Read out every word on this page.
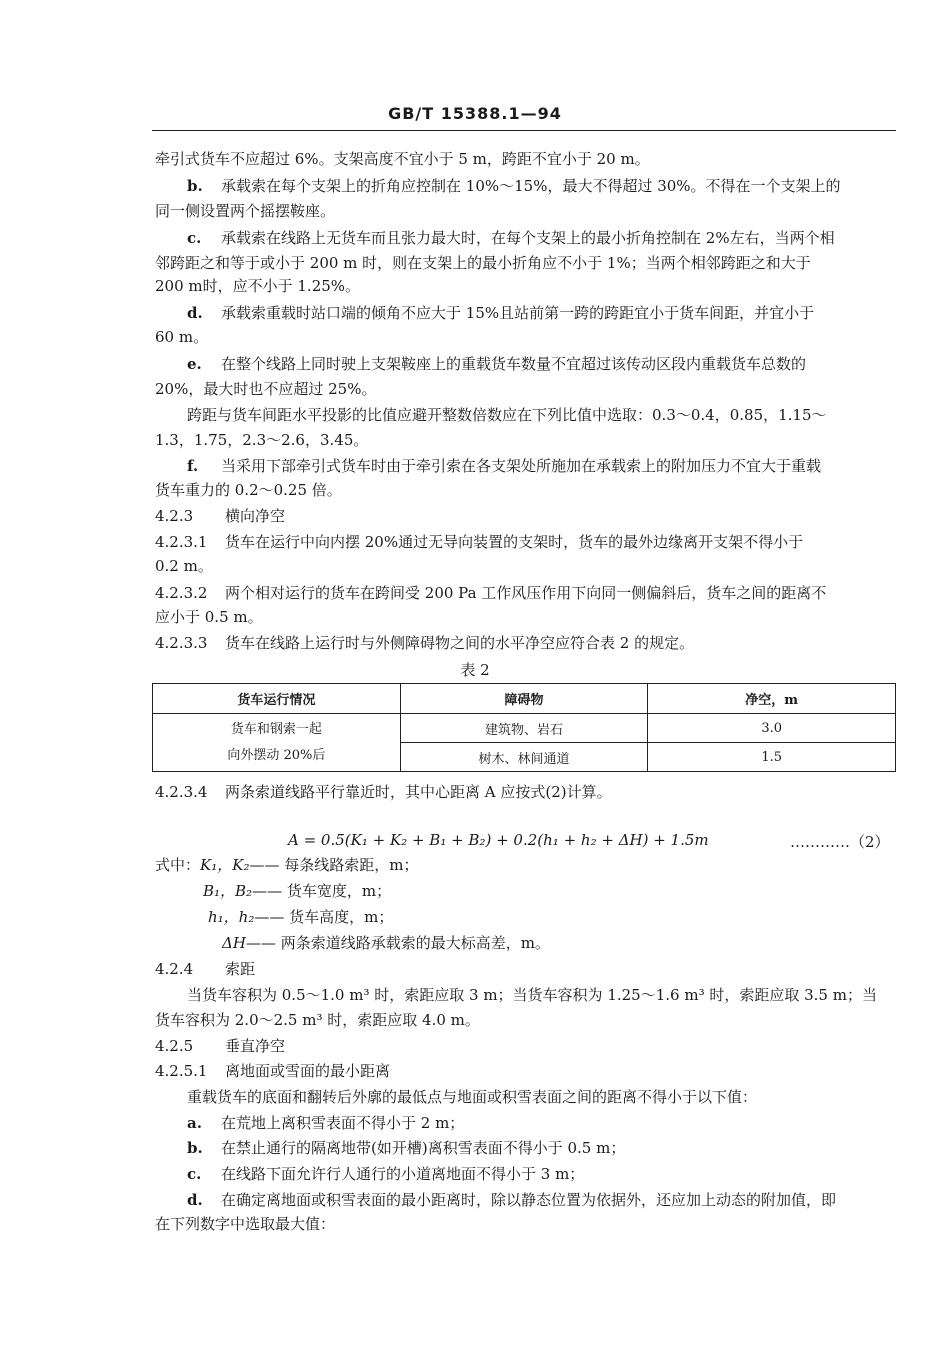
GB/T 15388.1—94
牵引式货车不应超过 6%。支架高度不宜小于 5 m，跨距不宜小于 20 m。
b. 承载索在每个支架上的折角应控制在 10%～15%，最大不得超过 30%。不得在一个支架上的
同一侧设置两个摇摆鞍座。
c. 承载索在线路上无货车而且张力最大时，在每个支架上的最小折角控制在 2%左右，当两个相
邻跨距之和等于或小于 200 m 时，则在支架上的最小折角应不小于 1%；当两个相邻跨距之和大于
200 m时，应不小于 1.25%。
d. 承载索重载时站口端的倾角不应大于 15%且站前第一跨的跨距宜小于货车间距，并宜小于
60 m。
e. 在整个线路上同时驶上支架鞍座上的重载货车数量不宜超过该传动区段内重载货车总数的
20%，最大时也不应超过 25%。
跨距与货车间距水平投影的比值应避开整数倍数应在下列比值中选取：0.3～0.4，0.85，1.15～
1.3，1.75，2.3～2.6，3.45。
f. 当采用下部牵引式货车时由于牵引索在各支架处所施加在承载索上的附加压力不宜大于重载
货车重力的 0.2～0.25 倍。
4.2.3 横向净空
4.2.3.1 货车在运行中向内摆 20%通过无导向装置的支架时，货车的最外边缘离开支架不得小于
0.2 m。
4.2.3.2 两个相对运行的货车在跨间受 200 Pa 工作风压作用下向同一侧偏斜后，货车之间的距离不
应小于 0.5 m。
4.2.3.3 货车在线路上运行时与外侧障碍物之间的水平净空应符合表 2 的规定。
表 2
货车运行情况	障碍物	净空，m
货车和钢索一起
向外摆动 20%后	建筑物、岩石	3.0
	树木、林间通道	1.5
4.2.3.4 两条索道线路平行靠近时，其中心距离 A 应按式(2)计算。
A = 0.5(K₁ + K₂ + B₁ + B₂) + 0.2(h₁ + h₂ + ΔH) + 1.5m	…………（2）
式中：K₁，K₂—— 每条线路索距，m；
B₁，B₂—— 货车宽度，m；
h₁，h₂—— 货车高度，m；
ΔH—— 两条索道线路承载索的最大标高差，m。
4.2.4 索距
当货车容积为 0.5～1.0 m³ 时，索距应取 3 m；当货车容积为 1.25～1.6 m³ 时，索距应取 3.5 m；当
货车容积为 2.0～2.5 m³ 时，索距应取 4.0 m。
4.2.5 垂直净空
4.2.5.1 离地面或雪面的最小距离
重载货车的底面和翻转后外廓的最低点与地面或积雪表面之间的距离不得小于以下值：
a. 在荒地上离积雪表面不得小于 2 m；
b. 在禁止通行的隔离地带(如开槽)离积雪表面不得小于 0.5 m；
c. 在线路下面允许行人通行的小道离地面不得小于 3 m；
d. 在确定离地面或积雪表面的最小距离时，除以静态位置为依据外，还应加上动态的附加值，即
在下列数字中选取最大值：
